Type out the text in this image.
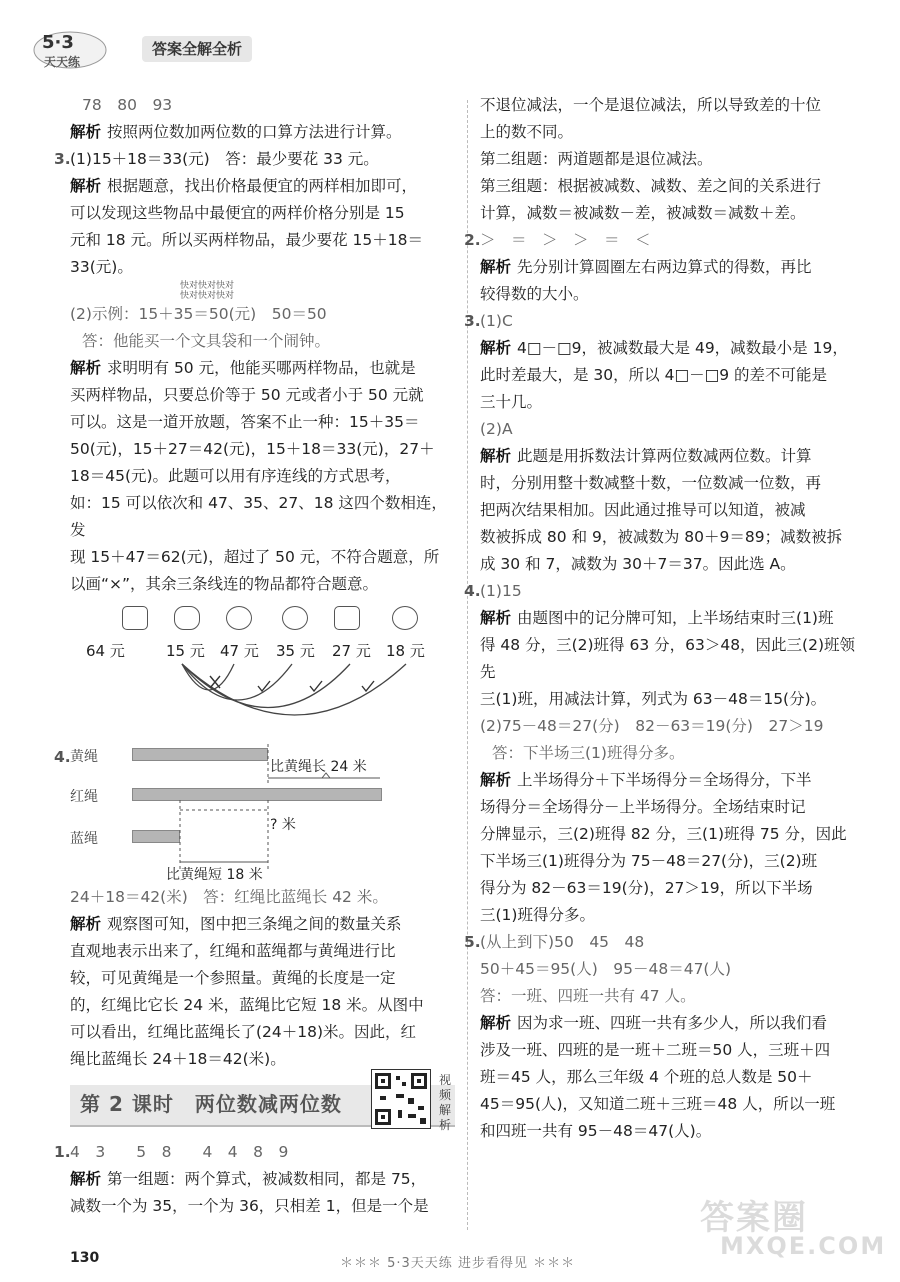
5·3
天天练
答案全解全析

78　80　93

解析 按照两位数加两位数的口算方法进行计算。

3. (1)15＋18＝33(元)　答：最少要花 33 元。

解析 根据题意，找出价格最便宜的两样相加即可，

可以发现这些物品中最便宜的两样价格分别是 15

元和 18 元。所以买两样物品，最少要花 15＋18＝

33(元)。

快对快对快对
快对快对快对

(2)示例：15＋35＝50(元)　50＝50

答：他能买一个文具袋和一个闹钟。

解析 求明明有 50 元，他能买哪两样物品，也就是

买两样物品，只要总价等于 50 元或者小于 50 元就

可以。这是一道开放题，答案不止一种：15＋35＝

50(元)，15＋27＝42(元)，15＋18＝33(元)，27＋

18＝45(元)。此题可以用有序连线的方式思考，

如：15 可以依次和 47、35、27、18 这四个数相连，发

现 15＋47＝62(元)，超过了 50 元，不符合题意，所

以画“×”，其余三条线连的物品都符合题意。

64 元	15 元 47 元 35 元 27 元 18 元
4. 黄绳
红绳
蓝绳
比黄绳长 24 米
? 米
比黄绳短 18 米

24＋18＝42(米)　答：红绳比蓝绳长 42 米。

解析 观察图可知，图中把三条绳之间的数量关系

直观地表示出来了，红绳和蓝绳都与黄绳进行比

较，可见黄绳是一个参照量。黄绳的长度是一定

的，红绳比它长 24 米，蓝绳比它短 18 米。从图中

可以看出，红绳比蓝绳长了(24＋18)米。因此，红

绳比蓝绳长 24＋18＝42(米)。

第 2 课时　两位数减两位数
视频解析
1. 4　3　　5　8　　4　4　8　9

解析 第一组题：两个算式，被减数相同，都是 75，

减数一个为 35，一个为 36，只相差 1，但是一个是

不退位减法，一个是退位减法，所以导致差的十位

上的数不同。

第二组题：两道题都是退位减法。

第三组题：根据被减数、减数、差之间的关系进行

计算，减数＝被减数－差，被减数＝减数＋差。

2. ＞　＝　＞　＞　＝　＜

解析 先分别计算圆圈左右两边算式的得数，再比

较得数的大小。

3. (1)C

解析 4□－□9，被减数最大是 49，减数最小是 19，

此时差最大，是 30，所以 4□－□9 的差不可能是

三十几。

(2)A

解析 此题是用拆数法计算两位数减两位数。计算

时，分别用整十数减整十数，一位数减一位数，再

把两次结果相加。因此通过推导可以知道，被减

数被拆成 80 和 9，被减数为 80＋9＝89；减数被拆

成 30 和 7，减数为 30＋7＝37。因此选 A。

4. (1)15

解析 由题图中的记分牌可知，上半场结束时三(1)班

得 48 分，三(2)班得 63 分，63＞48，因此三(2)班领先

三(1)班，用减法计算，列式为 63－48＝15(分)。

(2)75－48＝27(分)　82－63＝19(分)　27＞19

答：下半场三(1)班得分多。

解析 上半场得分＋下半场得分＝全场得分，下半

场得分＝全场得分－上半场得分。全场结束时记

分牌显示，三(2)班得 82 分，三(1)班得 75 分，因此

下半场三(1)班得分为 75－48＝27(分)，三(2)班

得分为 82－63＝19(分)，27＞19，所以下半场

三(1)班得分多。

5. (从上到下)50　45　48

50＋45＝95(人)　95－48＝47(人)

答：一班、四班一共有 47 人。

解析 因为求一班、四班一共有多少人，所以我们看

涉及一班、四班的是一班＋二班＝50 人，三班＋四

班＝45 人，那么三年级 4 个班的总人数是 50＋

45＝95(人)，又知道二班＋三班＝48 人，所以一班

和四班一共有 95－48＝47(人)。

答案圈
MXQE.COM
130	＊＊＊ 5·3天天练 进步看得见 ＊＊＊
